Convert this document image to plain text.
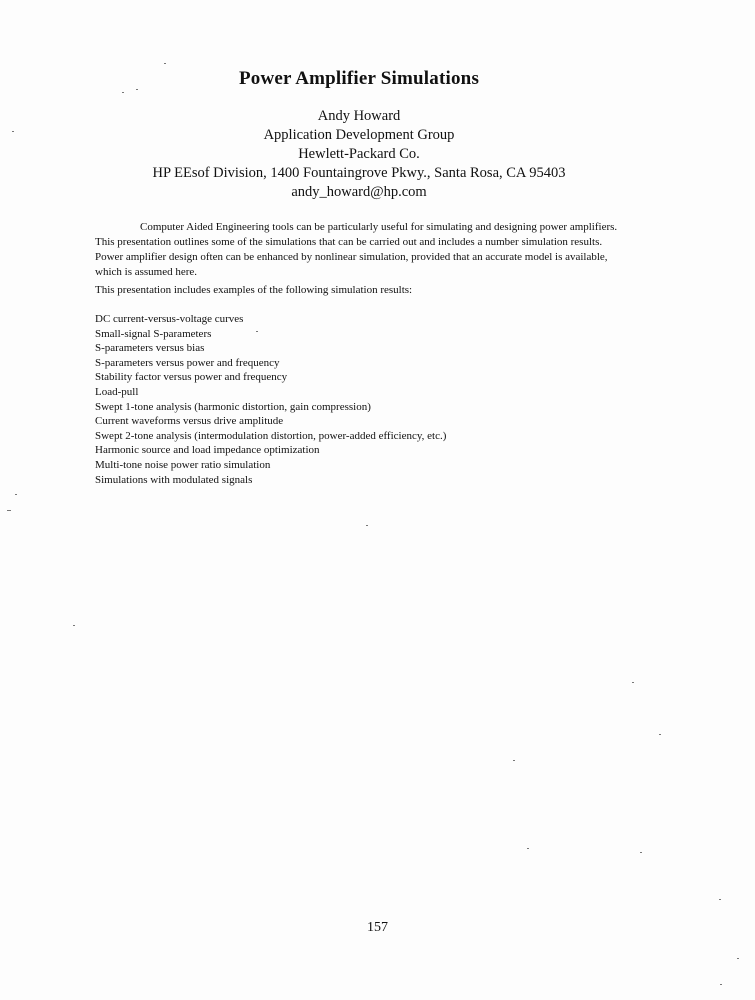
Power Amplifier Simulations
Andy Howard
Application Development Group
Hewlett-Packard Co.
HP EEsof Division, 1400 Fountaingrove Pkwy., Santa Rosa, CA 95403
andy_howard@hp.com

Computer Aided Engineering tools can be particularly useful for simulating and designing power amplifiers. This presentation outlines some of the simulations that can be carried out and includes a number simulation results. Power amplifier design often can be enhanced by nonlinear simulation, provided that an accurate model is available, which is assumed here.

This presentation includes examples of the following simulation results:
DC current-versus-voltage curves
Small-signal S-parameters
S-parameters versus bias
S-parameters versus power and frequency
Stability factor versus power and frequency
Load-pull
Swept 1-tone analysis (harmonic distortion, gain compression)
Current waveforms versus drive amplitude
Swept 2-tone analysis (intermodulation distortion, power-added efficiency, etc.)
Harmonic source and load impedance optimization
Multi-tone noise power ratio simulation
Simulations with modulated signals
157
